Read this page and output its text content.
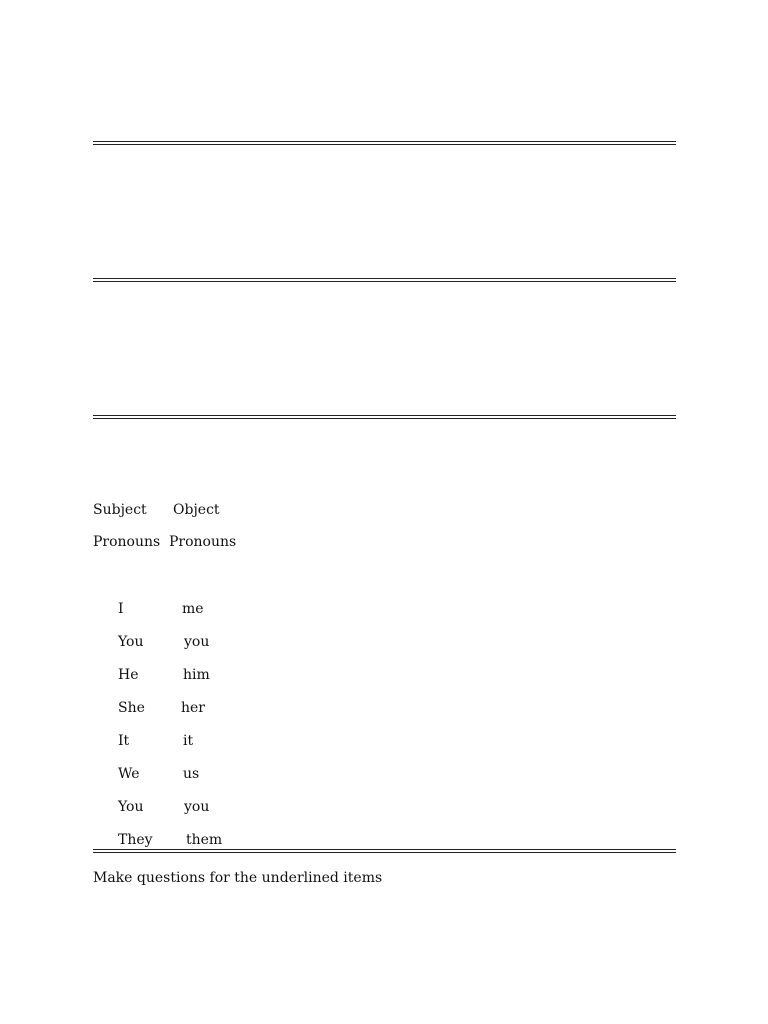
Subject Object
Pronouns Pronouns
I	me
You	you
He	him
She	her
It	it
We	us
You	you
They them
Make questions for the underlined items
